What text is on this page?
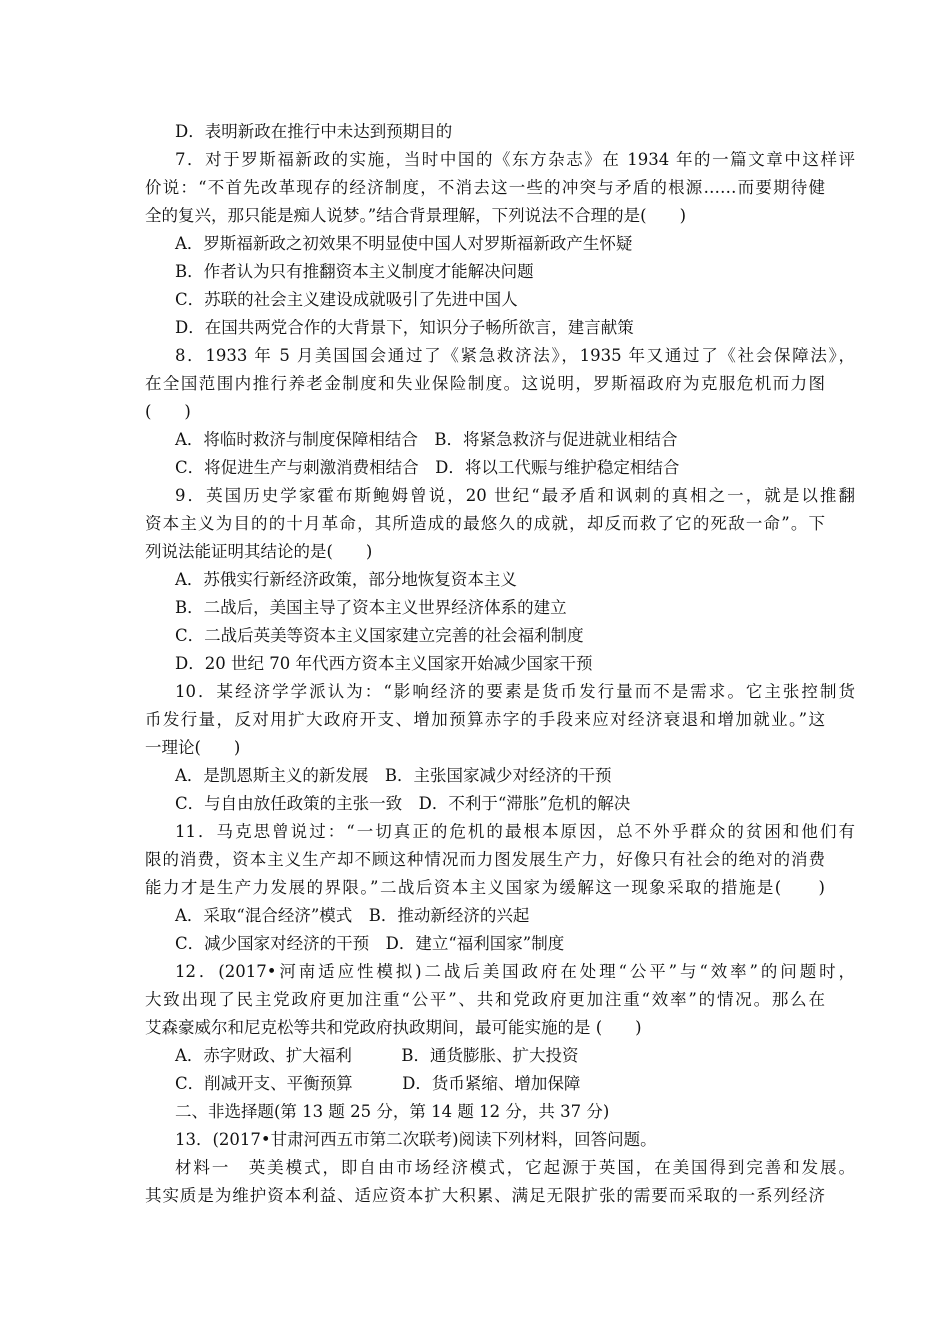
D．表明新政在推行中未达到预期目的
7．对于罗斯福新政的实施，当时中国的《东方杂志》在 1934 年的一篇文章中这样评
价说：“不首先改革现存的经济制度，不消去这一些的冲突与矛盾的根源……而要期待健
全的复兴，那只能是痴人说梦。”结合背景理解，下列说法不合理的是(　　)
A．罗斯福新政之初效果不明显使中国人对罗斯福新政产生怀疑
B．作者认为只有推翻资本主义制度才能解决问题
C．苏联的社会主义建设成就吸引了先进中国人
D．在国共两党合作的大背景下，知识分子畅所欲言，建言献策
8．1933 年 5 月美国国会通过了《紧急救济法》，1935 年又通过了《社会保障法》，
在全国范围内推行养老金制度和失业保险制度。这说明，罗斯福政府为克服危机而力图
(　　)
A．将临时救济与制度保障相结合　B．将紧急救济与促进就业相结合
C．将促进生产与刺激消费相结合　D．将以工代赈与维护稳定相结合
9．英国历史学家霍布斯鲍姆曾说，20 世纪“最矛盾和讽刺的真相之一，就是以推翻
资本主义为目的的十月革命，其所造成的最悠久的成就，却反而救了它的死敌一命”。下
列说法能证明其结论的是(　　)
A．苏俄实行新经济政策，部分地恢复资本主义
B．二战后，美国主导了资本主义世界经济体系的建立
C．二战后英美等资本主义国家建立完善的社会福利制度
D．20 世纪 70 年代西方资本主义国家开始减少国家干预
10．某经济学学派认为：“影响经济的要素是货币发行量而不是需求。它主张控制货
币发行量，反对用扩大政府开支、增加预算赤字的手段来应对经济衰退和增加就业。”这
一理论(　　)
A．是凯恩斯主义的新发展　B．主张国家减少对经济的干预
C．与自由放任政策的主张一致　D．不利于“滞胀”危机的解决
11．马克思曾说过：“一切真正的危机的最根本原因，总不外乎群众的贫困和他们有
限的消费，资本主义生产却不顾这种情况而力图发展生产力，好像只有社会的绝对的消费
能力才是生产力发展的界限。”二战后资本主义国家为缓解这一现象采取的措施是(　　)
A．采取“混合经济”模式　B．推动新经济的兴起
C．减少国家对经济的干预　D．建立“福利国家”制度
12．(2017•河南适应性模拟)二战后美国政府在处理“公平”与“效率”的问题时，
大致出现了民主党政府更加注重“公平”、共和党政府更加注重“效率”的情况。那么在
艾森豪威尔和尼克松等共和党政府执政期间，最可能实施的是 (　　)
A．赤字财政、扩大福利　　　B．通货膨胀、扩大投资
C．削减开支、平衡预算　　　D．货币紧缩、增加保障
二、非选择题(第 13 题 25 分，第 14 题 12 分，共 37 分)
13．(2017•甘肃河西五市第二次联考)阅读下列材料，回答问题。
材料一　英美模式，即自由市场经济模式，它起源于英国，在美国得到完善和发展。
其实质是为维护资本利益、适应资本扩大积累、满足无限扩张的需要而采取的一系列经济
